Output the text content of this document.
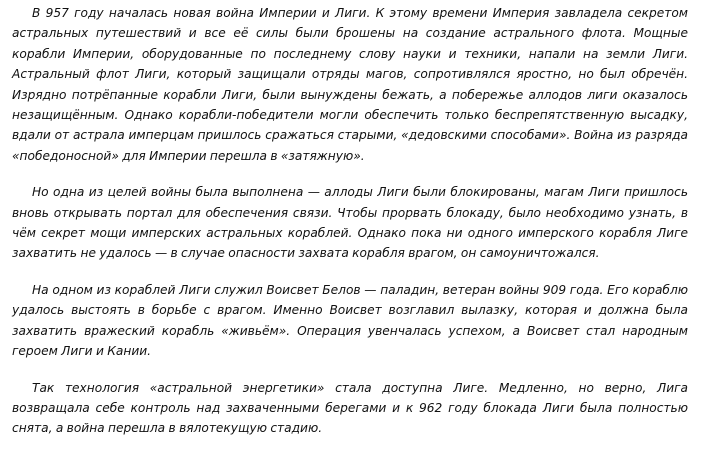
В 957 году началась новая война Империи и Лиги. К этому времени Империя завладела секретом астральных путешествий и все её силы были брошены на создание астрального флота. Мощные корабли Империи, оборудованные по последнему слову науки и техники, напали на земли Лиги. Астральный флот Лиги, который защищали отряды магов, сопротивлялся яростно, но был обречён. Изрядно потрёпанные корабли Лиги, были вынуждены бежать, а побережье аллодов лиги оказалось незащищённым. Однако корабли-победители могли обеспечить только беспрепятственную высадку, вдали от астрала имперцам пришлось сражаться старыми, «дедовскими способами». Война из разряда «победоносной» для Империи перешла в «затяжную».

Но одна из целей войны была выполнена — аллоды Лиги были блокированы, магам Лиги пришлось вновь открывать портал для обеспечения связи. Чтобы прорвать блокаду, было необходимо узнать, в чём секрет мощи имперских астральных кораблей. Однако пока ни одного имперского корабля Лиге захватить не удалось — в случае опасности захвата корабля врагом, он самоуничтожался.

На одном из кораблей Лиги служил Воисвет Белов — паладин, ветеран войны 909 года. Его кораблю удалось выстоять в борьбе с врагом. Именно Воисвет возглавил вылазку, которая и должна была захватить вражеский корабль «живьём». Операция увенчалась успехом, а Воисвет стал народным героем Лиги и Кании.

Так технология «астральной энергетики» стала доступна Лиге. Медленно, но верно, Лига возвращала себе контроль над захваченными берегами и к 962 году блокада Лиги была полностью снята, а война перешла в вялотекущую стадию.
